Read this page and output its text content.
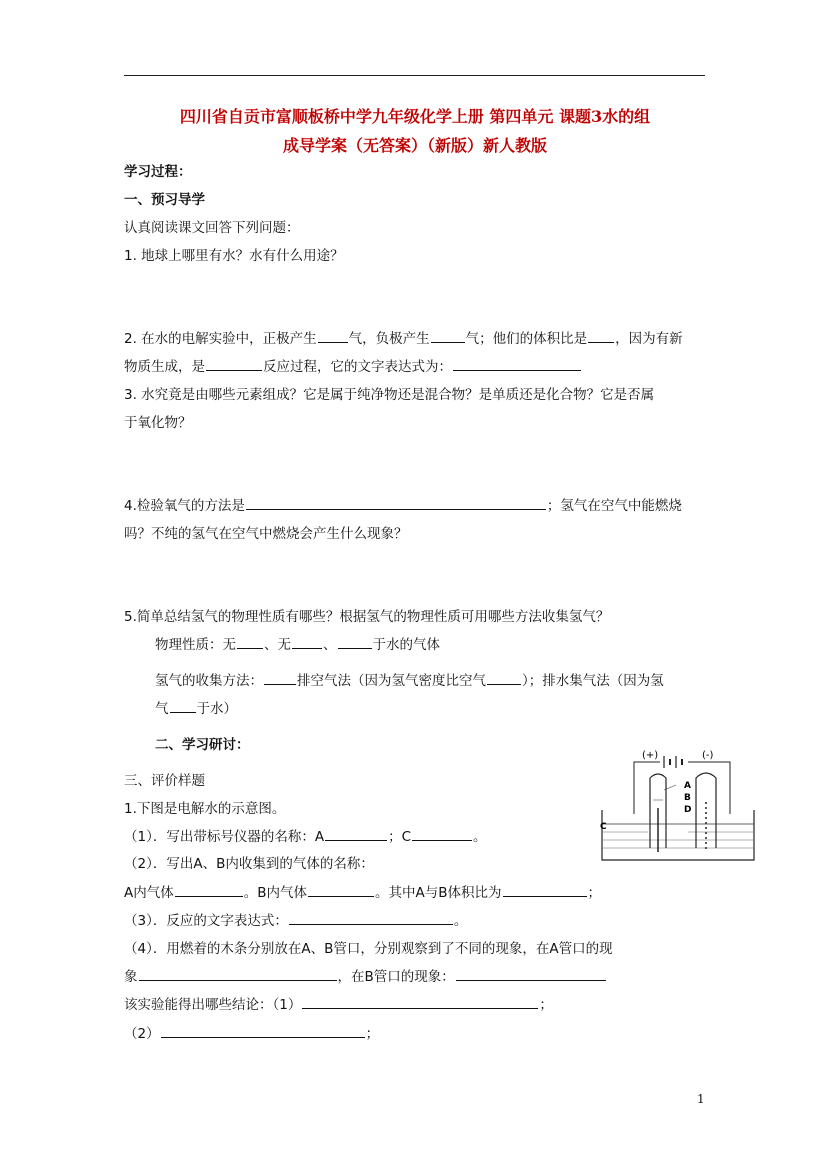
四川省自贡市富顺板桥中学九年级化学上册 第四单元 课题3水的组

成导学案（无答案）（新版）新人教版

学习过程：

一、预习导学

认真阅读课文回答下列问题：

1. 地球上哪里有水？水有什么用途？

2. 在水的电解实验中，正极产生 气，负极产生	气；他们的体积比是 ，因为有新

物质生成，是	反应过程，它的文字表达式为：

3. 水究竟是由哪些元素组成？它是属于纯净物还是混合物？是单质还是化合物？它是否属

于氧化物？

4.检验氧气的方法是	；氢气在空气中能燃烧

吗？不纯的氢气在空气中燃烧会产生什么现象？

5.简单总结氢气的物理性质有哪些？根据氢气的物理性质可用哪些方法收集氢气？

物理性质：无 、无 、	于水的气体

氢气的收集方法：	排空气法（因为氢气密度比空气	）；排水集气法（因为氢

气 于水）

二、学习研讨：

三、评价样题

1.下图是电解水的示意图。

（1）．写出带标号仪器的名称：A	；C	。

（2）．写出A、B内收集到的气体的名称：

A内气体	。B内气体	。其中A与B体积比为	；

（3）．反应的文字表达式：	。

（4）．用燃着的木条分别放在A、B管口，分别观察到了不同的现象，在A管口的现

象	，在B管口的现象：

该实验能得出哪些结论：（1）	；

（2）	；

(+)	(-)
A
B
D
C
1
